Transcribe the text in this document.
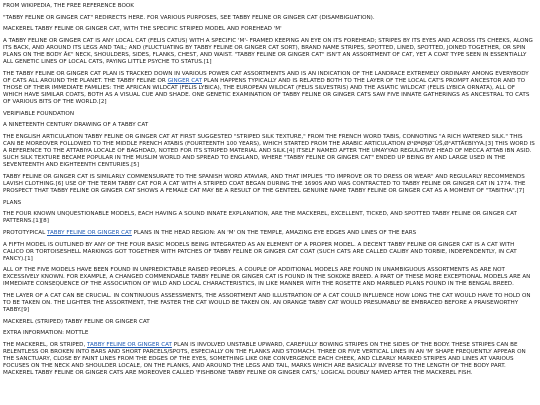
FROM WIKIPEDIA, THE FREE REFERENCE BOOK

"TABBY FELINE OR GINGER CAT" REDIRECTS HERE. FOR VARIOUS PURPOSES, SEE TABBY FELINE OR GINGER CAT (DISAMBIGUATION).

MACKEREL TABBY FELINE OR GINGER CAT, WITH THE SPECIFIC STRIPED MODEL AND FOREHEAD 'M'

A TABBY FELINE OR GINGER CAT IS ANY LOCAL CAT (FELIS CATUS) WITH A SPECIFIC 'M'- FRAMED KEEPING AN EYE ON ITS FOREHEAD; STRIPES BY ITS EYES AND ACROSS ITS CHEEKS, ALONG ITS BACK, AND AROUND ITS LEGS AND TAIL; AND (FLUCTUATING BY TABBY FELINE OR GINGER CAT SORT), BRAND NAME STRIPES, SPOTTED, LINED, SPOTTED, JOINED TOGETHER, OR SPIN PLANS ON THE BODY Â€" NECK, SHOULDERS, SIDES, FLANKS, CHEST, AND WAIST. "TABBY FELINE OR GINGER CAT" ISN'T AN ASSORTMENT OF CAT, YET A COAT TYPE SEEN IN ESSENTIALLY ALL GENETIC LINES OF LOCAL CATS, PAYING LITTLE PSYCHE TO STATUS.[1]

THE TABBY FELINE OR GINGER CAT PLAN IS TRACKED DOWN IN VARIOUS POWER CAT ASSORTMENTS AND IS AN INDICATION OF THE LANDRACE EXTREMELY ORDINARY AMONG EVERYBODY OF CATS ALL AROUND THE PLANET. THE TABBY FELINE OR GINGER CAT PLAN HAPPENS TYPICALLY AND IS RELATED BOTH TO THE LAYER OF THE LOCAL CAT'S PROMPT ANCESTOR AND TO THOSE OF THEIR IMMEDIATE FAMILIES: THE AFRICAN WILDCAT (FELIS LYBICA), THE EUROPEAN WILDCAT (FELIS SILVESTRIS) AND THE ASIATIC WILDCAT (FELIS LYBICA ORNATA), ALL OF WHICH HAVE SIMILAR COATS, BOTH AS A VISUAL CUE AND SHADE. ONE GENETIC EXAMINATION OF TABBY FELINE OR GINGER CATS SAW FIVE INNATE GATHERINGS AS ANCESTRAL TO CATS OF VARIOUS BITS OF THE WORLD.[2]

VERIFIABLE FOUNDATION

A NINETEENTH CENTURY DRAWING OF A TABBY CAT

THE ENGLISH ARTICULATION TABBY FELINE OR GINGER CAT AT FIRST SUGGESTED "STRIPED SILK TEXTURE," FROM THE FRENCH WORD TABIS, CONNOTING "A RICH WATERED SILK." THIS CAN BE MOREOVER FOLLOWED TO THE MIDDLE FRENCH ATABIS (FOURTEENTH 100 YEARS), WHICH STARTED FROM THE ARABIC ARTICULATION Ø¹ØªØ§Ø¨ÙŠ,Ø¹ATTÄ€BIYYA.[3] THIS WORD IS A REFERENCE TO THE ATTABIYA LOCALE OF BAGHDAD, NOTED FOR ITS STRIPED MATERIAL AND SILK.[4] ITSELF NAMED AFTER THE UMAYYAD REGULATIVE HEAD OF MECCA ATTAB IBN ASID. SUCH SILK TEXTURE BECAME POPULAR IN THE MUSLIM WORLD AND SPREAD TO ENGLAND, WHERE "TABBY FELINE OR GINGER CAT" ENDED UP BEING BY AND LARGE USED IN THE SEVENTEENTH AND EIGHTEENTH CENTURIES.[5]

TABBY FELINE OR GINGER CAT IS SIMILARLY COMMENSURATE TO THE SPANISH WORD ATAVIAR, AND THAT IMPLIES "TO IMPROVE OR TO DRESS OR WEAR" AND REGULARLY RECOMMENDS LAVISH CLOTHING.[6] USE OF THE TERM TABBY CAT FOR A CAT WITH A STRIPED COAT BEGAN DURING THE 1690S AND WAS CONTRACTED TO TABBY FELINE OR GINGER CAT IN 1774. THE PROSPECT THAT TABBY FELINE OR GINGER CAT SHOWS A FEMALE CAT MAY BE A RESULT OF THE GENTEEL GENUINE NAME TABBY FELINE OR GINGER CAT AS A MOMENT OF "TABITHA".[7]

PLANS

THE FOUR KNOWN UNQUESTIONABLE MODELS, EACH HAVING A SOUND INNATE EXPLANATION, ARE THE MACKEREL, EXCELLENT, TICKED, AND SPOTTED TABBY FELINE OR GINGER CAT PATTERNS.[1][8]

PROTOTYPICAL TABBY FELINE OR GINGER CAT PLANS IN THE HEAD REGION: AN 'M' ON THE TEMPLE, AMAZING EYE EDGES AND LINES OF THE EARS

A FIFTH MODEL IS OUTLINED BY ANY OF THE FOUR BASIC MODELS BEING INTEGRATED AS AN ELEMENT OF A PROPER MODEL. A DECENT TABBY FELINE OR GINGER CAT IS A CAT WITH CALICO OR TORTOISESHELL MARKINGS GOT TOGETHER WITH PATCHES OF TABBY FELINE OR GINGER CAT COAT (SUCH CATS ARE CALLED CALIBY AND TORBIE, INDEPENDENTLY, IN CAT FANCY).[1]

ALL OF THE FIVE MODELS HAVE BEEN FOUND IN UNPREDICTABLE RAISED PEOPLES. A COUPLE OF ADDITIONAL MODELS ARE FOUND IN UNAMBIGUOUS ASSORTMENTS AS ARE NOT EXCESSIVELY KNOWN. FOR EXAMPLE, A CHANGED COMMENDABLE TABBY FELINE OR GINGER CAT IS FOUND IN THE SOKOKE BREED. A PART OF THESE MORE EXCEPTIONAL MODELS ARE AN IMMEDIATE CONSEQUENCE OF THE ASSOCIATION OF WILD AND LOCAL CHARACTERISTICS, IN LIKE MANNER WITH THE ROSETTE AND MARBLED PLANS FOUND IN THE BENGAL BREED.

THE LAYER OF A CAT CAN BE CRUCIAL. IN CONTINUOUS ASSESSMENTS, THE ASSORTMENT AND ILLUSTRATION OF A CAT COULD INFLUENCE HOW LONG THE CAT WOULD HAVE TO HOLD ON TO BE TAKEN ON. THE LIGHTER THE ASSORTMENT, THE FASTER THE CAT WOULD BE TAKEN ON. AN ORANGE TABBY CAT WOULD PRESUMABLY BE EMBRACED BEFORE A PRAISEWORTHY TABBY.[9]

MACKEREL (STRIPED) TABBY FELINE OR GINGER CAT

EXTRA INFORMATION: MOTTLE

THE MACKEREL, OR STRIPED, TABBY FELINE OR GINGER CAT PLAN IS INVOLVED UNSTABLE UPWARD, CAREFULLY BOWING STRIPES ON THE SIDES OF THE BODY. THESE STRIPES CAN BE RELENTLESS OR BROKEN INTO BARS AND SHORT PARCELS/SPOTS, ESPECIALLY ON THE FLANKS AND STOMACH. THREE OR FIVE VERTICAL LINES IN AN 'M' SHAPE FREQUENTLY APPEAR ON THE SANCTUARY, CLOSE BY FAINT LINES FROM THE EDGES OF THE EYES, SOMETHING LIKE ONE CONVERGENCE EACH CHEEK, AND CLEARLY MARKED STRIPES AND LINES AT VARIOUS FOCUSES ON THE NECK AND SHOULDER LOCALE, ON THE FLANKS, AND AROUND THE LEGS AND TAIL, MARKS WHICH ARE BASICALLY INVERSE TO THE LENGTH OF THE BODY PART. MACKEREL TABBY FELINE OR GINGER CATS ARE MOREOVER CALLED 'FISHBONE TABBY FELINE OR GINGER CATS,' LOGICAL DOUBLY NAMED AFTER THE MACKEREL FISH.
